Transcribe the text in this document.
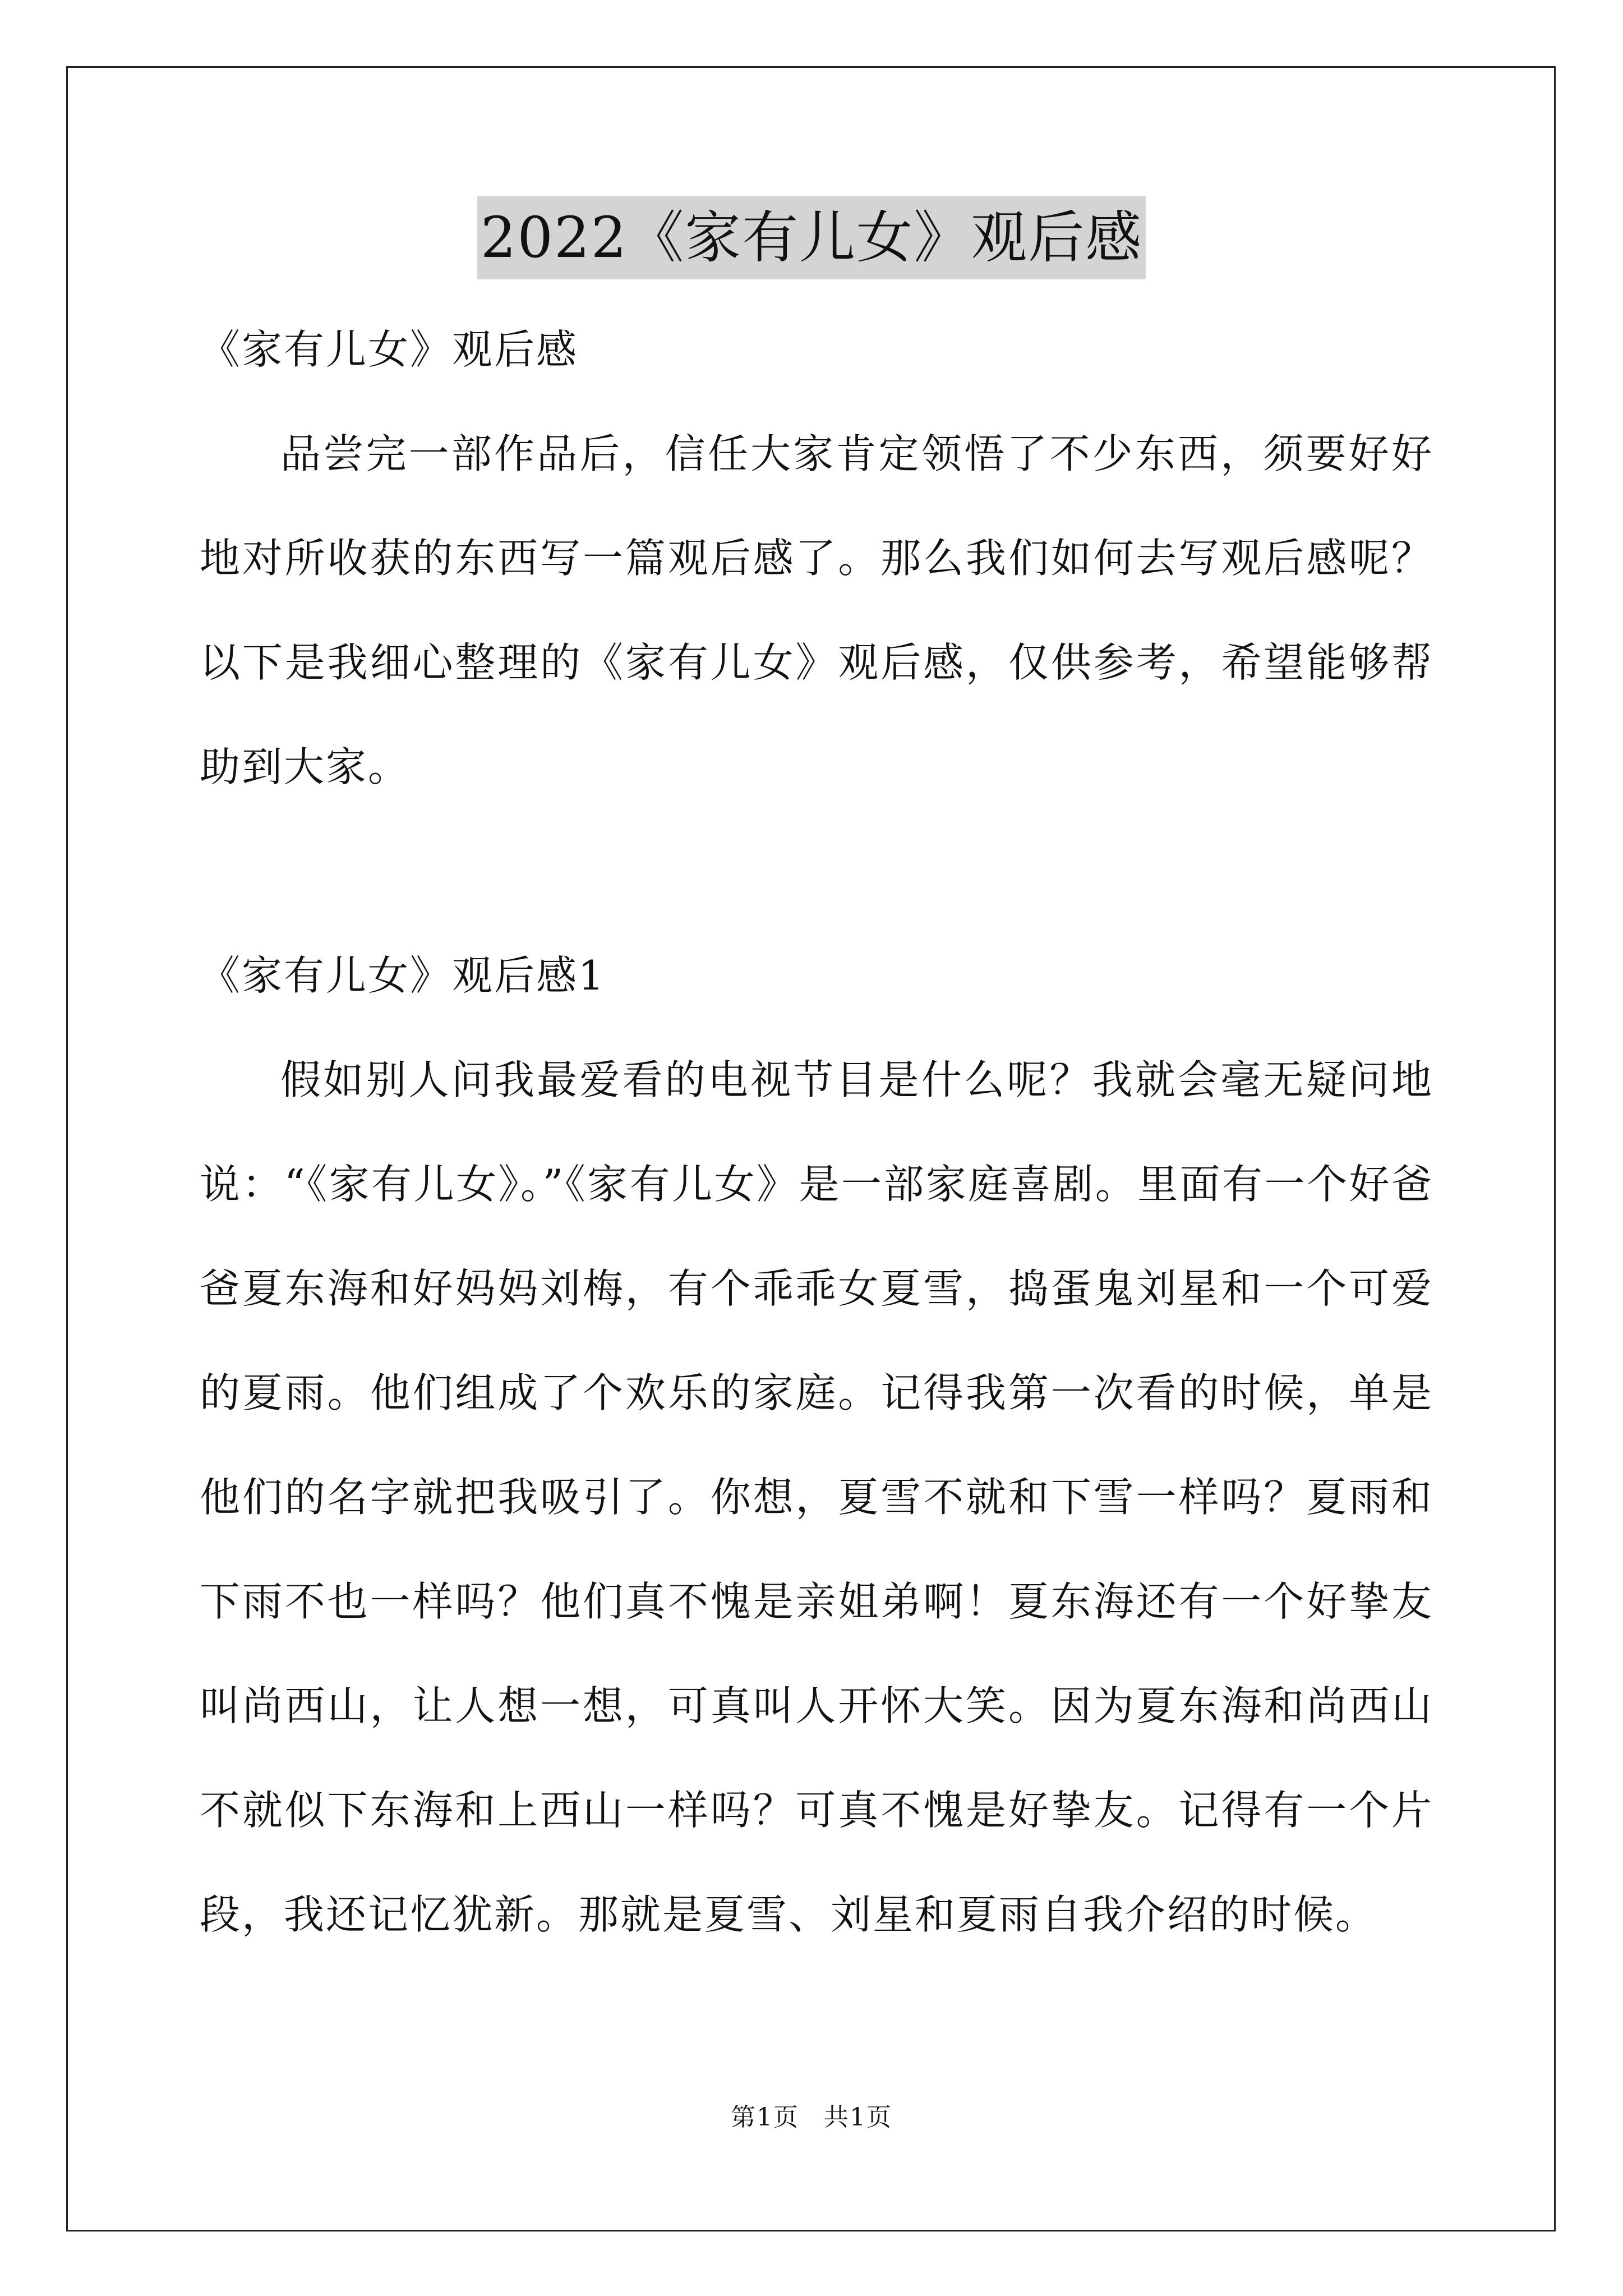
2022《家有儿女》观后感

《家有儿女》观后感

品尝完一部作品后，信任大家肯定领悟了不少东西，须要好好地对所收获的东西写一篇观后感了。那么我们如何去写观后感呢？以下是我细心整理的《家有儿女》观后感，仅供参考，希望能够帮助到大家。

《家有儿女》观后感1

假如别人问我最爱看的电视节目是什么呢？我就会毫无疑问地说：“《家有儿女》。”《家有儿女》是一部家庭喜剧。里面有一个好爸爸夏东海和好妈妈刘梅，有个乖乖女夏雪，捣蛋鬼刘星和一个可爱的夏雨。他们组成了个欢乐的家庭。记得我第一次看的时候，单是他们的名字就把我吸引了。你想，夏雪不就和下雪一样吗？夏雨和下雨不也一样吗？他们真不愧是亲姐弟啊！夏东海还有一个好挚友叫尚西山，让人想一想，可真叫人开怀大笑。因为夏东海和尚西山不就似下东海和上西山一样吗？可真不愧是好挚友。记得有一个片段，我还记忆犹新。那就是夏雪、刘星和夏雨自我介绍的时候。

第1页 共1页
